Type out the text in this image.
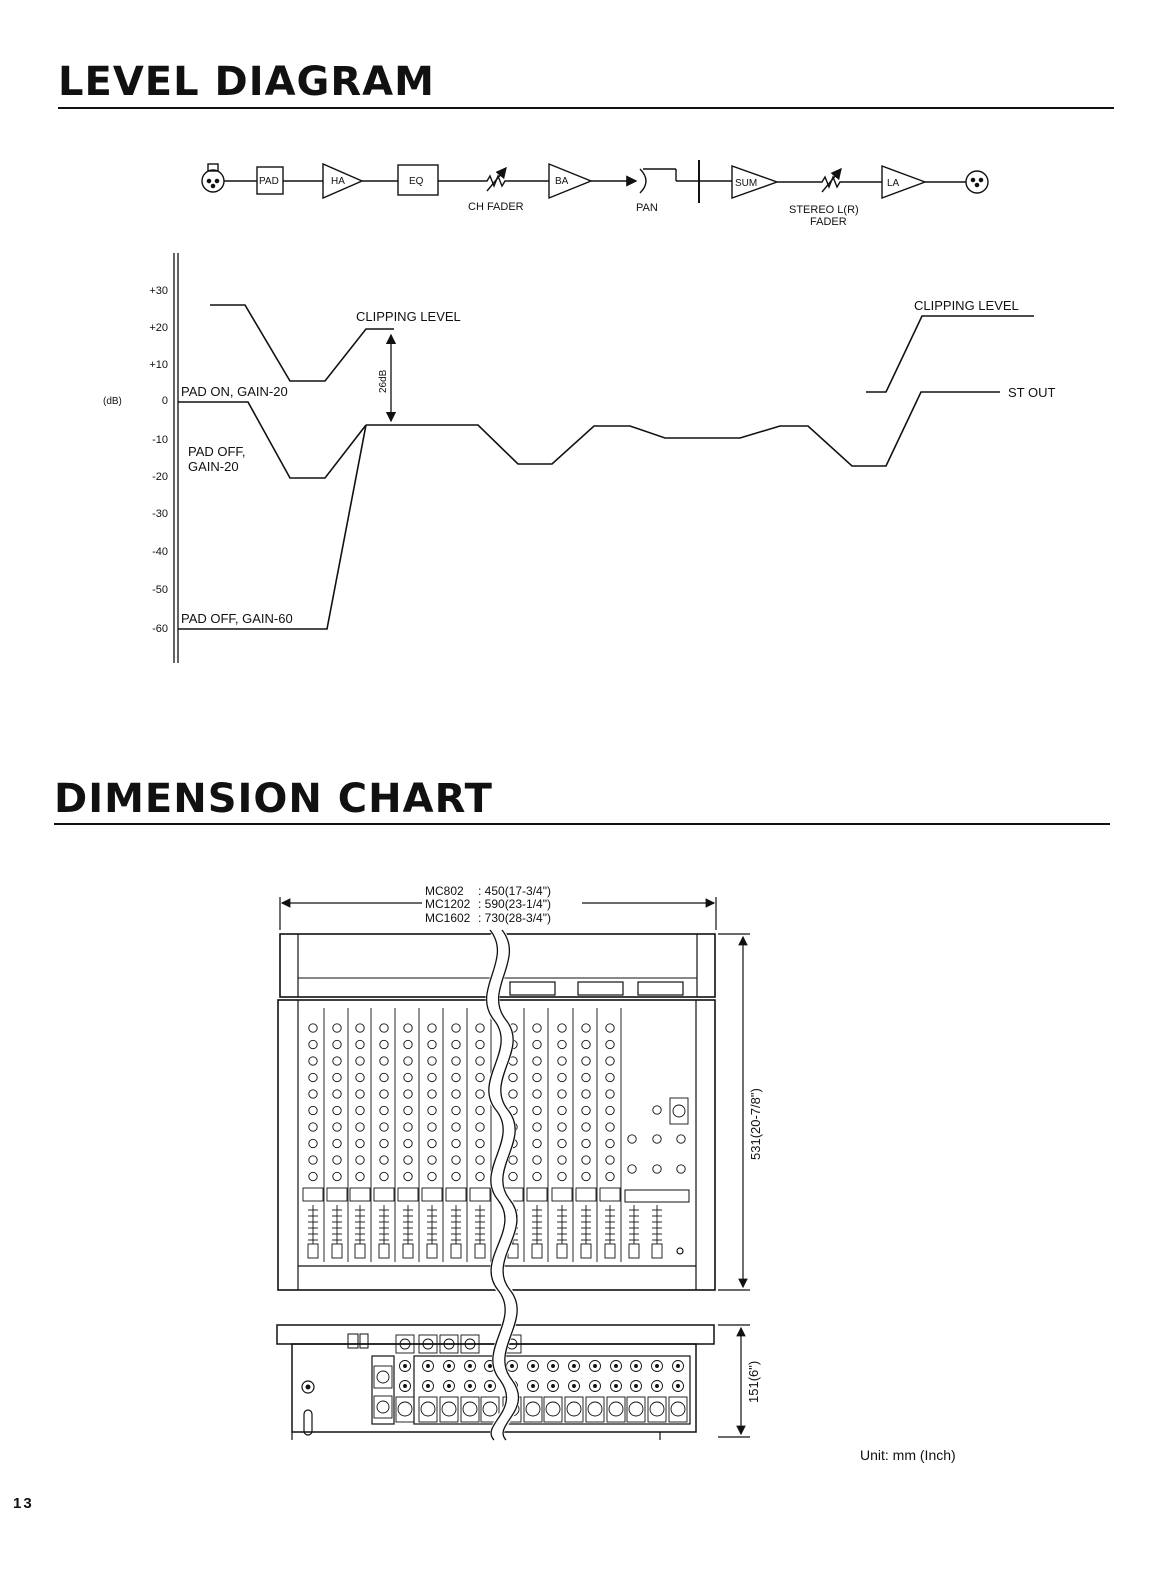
LEVEL DIAGRAM
DIMENSION CHART
PAD	HA	EQ	BA	SUM	LA
CH FADER	PAN	STEREO L(R)
FADER
+30
+20
+10
0
-10
-20
-30
-40
-50
-60
(dB)
CLIPPING LEVEL
CLIPPING LEVEL
PAD ON, GAIN-20
PAD OFF,
GAIN-20
PAD OFF, GAIN-60
ST OUT
26dB
MC802 : 450(17-3/4")
MC1202 : 590(23-1/4")
MC1602 : 730(28-3/4")
531(20-7/8")
151(6")
Unit: mm (Inch)
13
